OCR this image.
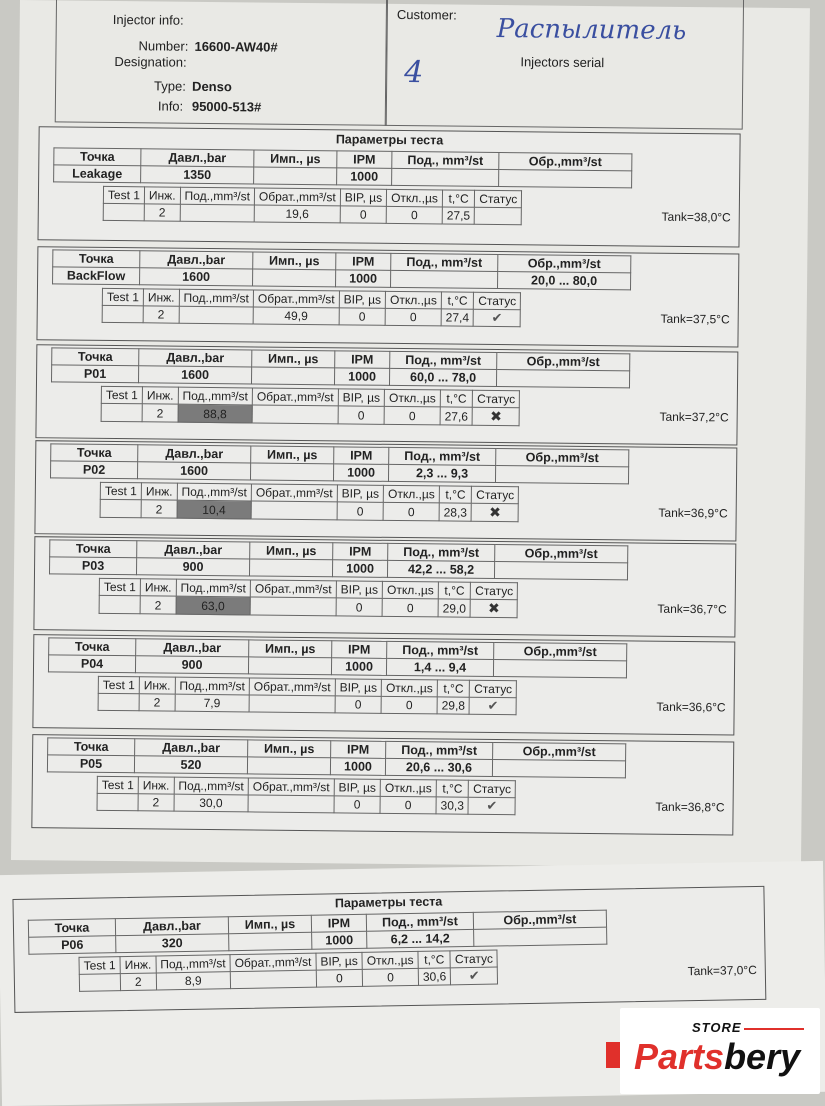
Injector info:
Number: 16600-AW40#
Designation:
Type: Denso
Info: 95000-513#
Customer: Распылитель
Injectors serial
4
Параметры теста
Точка	Давл.,bar	Имп., µs	IPM	Под., mm³/st	Обр.,mm³/st
Leakage	1350		1000		
Test 1	Инж.	Под.,mm³/st	Обрат.,mm³/st	BIP, µs	Откл.,µs	t,°C	Статус
	2		19,6	0	0	27,5		Tank=38,0°C
Точка	Давл.,bar	Имп., µs	IPM	Под., mm³/st	Обр.,mm³/st
BackFlow	1600		1000		20,0 ... 80,0
Test 1	Инж.	Под.,mm³/st	Обрат.,mm³/st	BIP, µs	Откл.,µs	t,°C	Статус
	2		49,9	0	0	27,4	✔	Tank=37,5°C
Точка	Давл.,bar	Имп., µs	IPM	Под., mm³/st	Обр.,mm³/st
P01	1600		1000	60,0 ... 78,0	
Test 1	Инж.	Под.,mm³/st	Обрат.,mm³/st	BIP, µs	Откл.,µs	t,°C	Статус
	2	88,8		0	0	27,6	✖	Tank=37,2°C
Точка	Давл.,bar	Имп., µs	IPM	Под., mm³/st	Обр.,mm³/st
P02	1600		1000	2,3 ... 9,3	
Test 1	Инж.	Под.,mm³/st	Обрат.,mm³/st	BIP, µs	Откл.,µs	t,°C	Статус
	2	10,4		0	0	28,3	✖	Tank=36,9°C
Точка	Давл.,bar	Имп., µs	IPM	Под., mm³/st	Обр.,mm³/st
P03	900		1000	42,2 ... 58,2	
Test 1	Инж.	Под.,mm³/st	Обрат.,mm³/st	BIP, µs	Откл.,µs	t,°C	Статус
	2	63,0		0	0	29,0	✖	Tank=36,7°C
Точка	Давл.,bar	Имп., µs	IPM	Под., mm³/st	Обр.,mm³/st
P04	900		1000	1,4 ... 9,4	
Test 1	Инж.	Под.,mm³/st	Обрат.,mm³/st	BIP, µs	Откл.,µs	t,°C	Статус
	2	7,9		0	0	29,8	✔	Tank=36,6°C
Точка	Давл.,bar	Имп., µs	IPM	Под., mm³/st	Обр.,mm³/st
P05	520		1000	20,6 ... 30,6	
Test 1	Инж.	Под.,mm³/st	Обрат.,mm³/st	BIP, µs	Откл.,µs	t,°C	Статус
	2	30,0		0	0	30,3	✔	Tank=36,8°C
Параметры теста
Точка	Давл.,bar	Имп., µs	IPM	Под., mm³/st	Обр.,mm³/st
P06	320		1000	6,2 ... 14,2	
Test 1	Инж.	Под.,mm³/st	Обрат.,mm³/st	BIP, µs	Откл.,µs	t,°C	Статус
	2	8,9		0	0	30,6	✔	Tank=37,0°C
STORE
Partsbery
